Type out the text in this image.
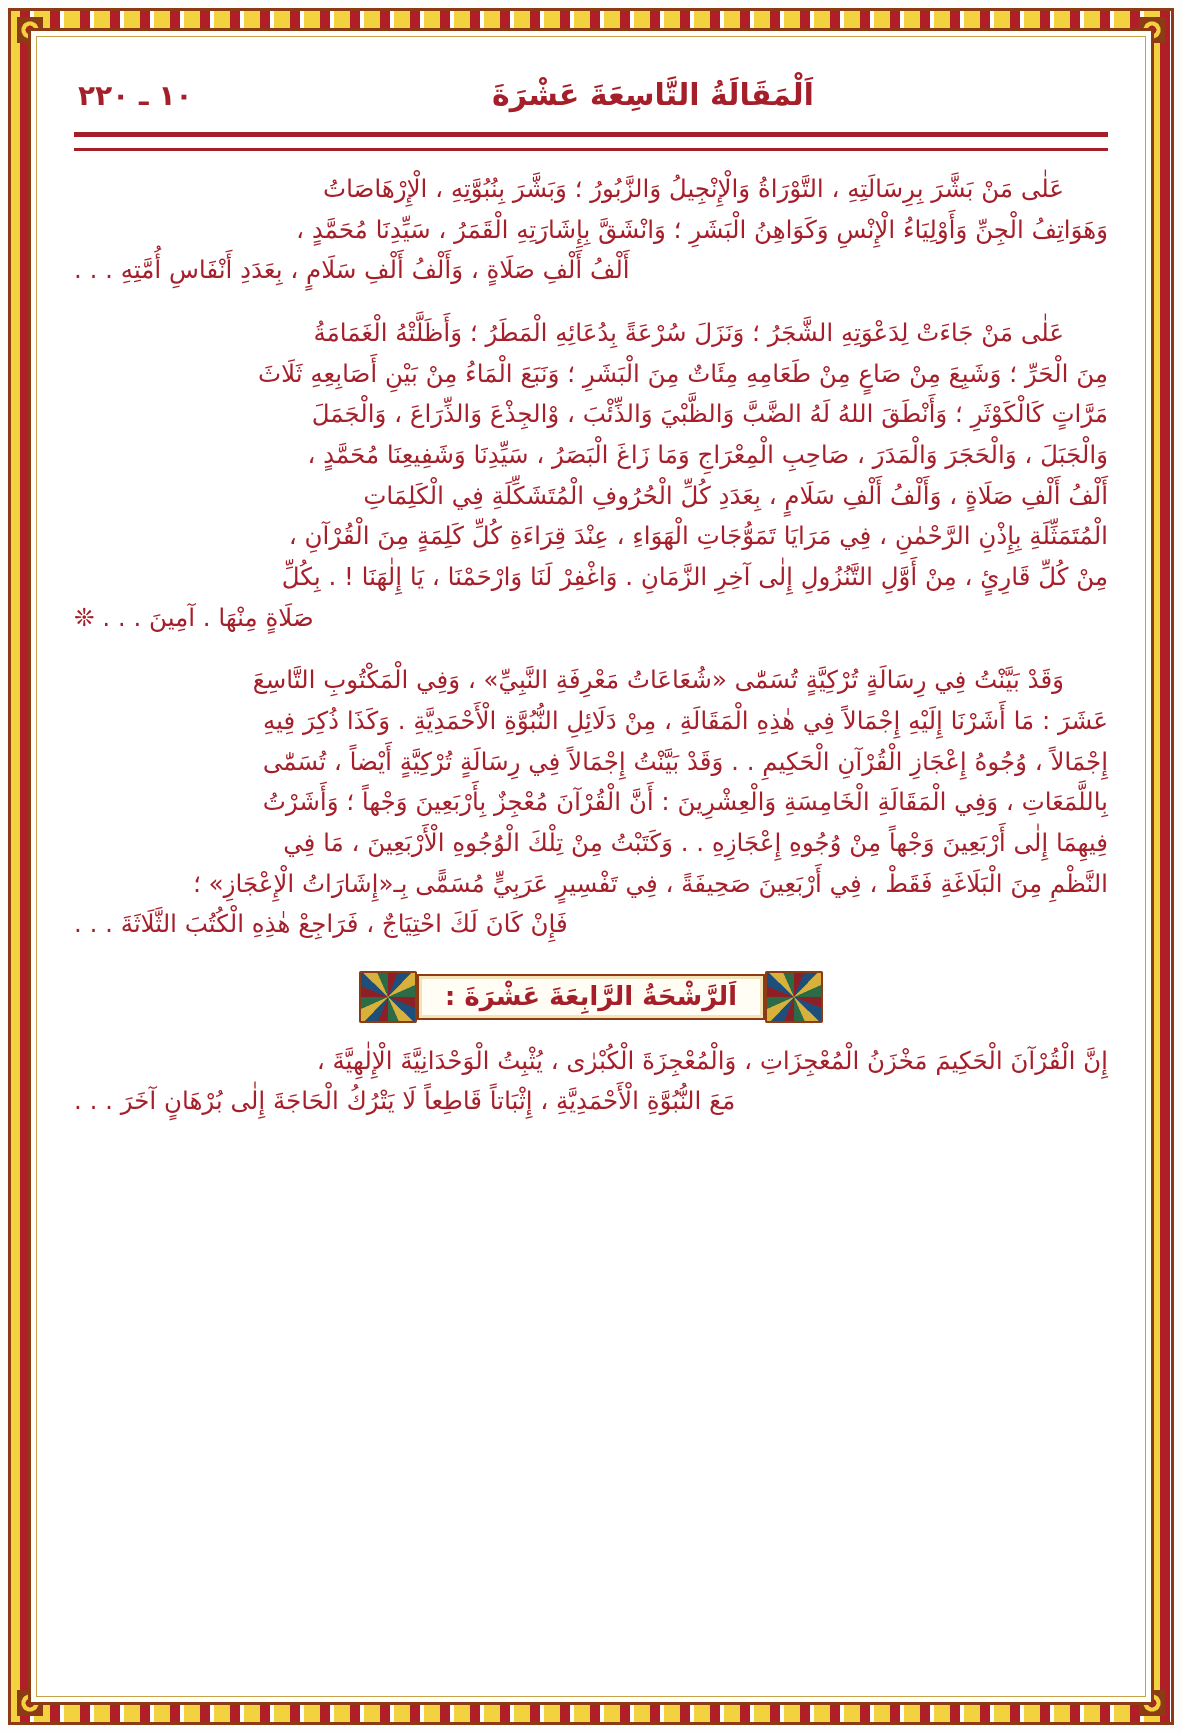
اَلْمَقَالَةُ التَّاسِعَةَ عَشْرَةَ
٢٢٠ ـ ١٠
عَلٰى مَنْ بَشَّرَ بِرِسَالَتِهِ ، التَّوْرَاةُ وَالْإِنْجِيلُ وَالزَّبُورُ ؛ وَبَشَّرَ بِنُبُوَّتِهِ ، الْإِرْهَاصَاتُ
وَهَوَاتِفُ الْجِنِّ وَأَوْلِيَاءُ الْإِنْسِ وَكَوَاهِنُ الْبَشَرِ ؛ وَانْشَقَّ بِإِشَارَتِهِ الْقَمَرُ ، سَيِّدِنَا مُحَمَّدٍ ،
أَلْفُ أَلْفِ صَلَاةٍ ، وَأَلْفُ أَلْفِ سَلَامٍ ، بِعَدَدِ أَنْفَاسِ أُمَّتِهِ . . .
عَلٰى مَنْ جَاءَتْ لِدَعْوَتِهِ الشَّجَرُ ؛ وَنَزَلَ سُرْعَةً بِدُعَائِهِ الْمَطَرُ ؛ وَأَظَلَّتْهُ الْغَمَامَةُ
مِنَ الْحَرِّ ؛ وَشَبِعَ مِنْ صَاعٍ مِنْ طَعَامِهِ مِئَاتٌ مِنَ الْبَشَرِ ؛ وَنَبَعَ الْمَاءُ مِنْ بَيْنِ أَصَابِعِهِ ثَلَاثَ
مَرَّاتٍ كَالْكَوْثَرِ ؛ وَأَنْطَقَ اللهُ لَهُ الضَّبَّ وَالظَّبْيَ وَالذِّئْبَ ، وْالجِذْعَ وَالذِّرَاعَ ، وَالْجَمَلَ
وَالْجَبَلَ ، وَالْحَجَرَ وَالْمَدَرَ ، صَاحِبِ الْمِعْرَاجِ وَمَا زَاغَ الْبَصَرُ ، سَيِّدِنَا وَشَفِيعِنَا مُحَمَّدٍ ،
أَلْفُ أَلْفِ صَلَاةٍ ، وَأَلْفُ أَلْفِ سَلَامٍ ، بِعَدَدِ كُلِّ الْحُرُوفِ الْمُتَشَكِّلَةِ فِي الْكَلِمَاتِ
الْمُتَمَثِّلَةِ بِإِذْنِ الرَّحْمٰنِ ، فِي مَرَايَا تَمَوُّجَاتِ الْهَوَاءِ ، عِنْدَ قِرَاءَةِ كُلِّ كَلِمَةٍ مِنَ الْقُرْآنِ ،
مِنْ كُلِّ قَارِئٍ ، مِنْ أَوَّلِ التَّنُزُولِ إِلٰى آخِرِ الزَّمَانِ . وَاغْفِرْ لَنَا وَارْحَمْنَا ، يَا إِلٰهَنَا ! . بِكُلِّ
صَلَاةٍ مِنْهَا . آمِينَ . . . ❊
وَقَدْ بَيَّنْتُ فِي رِسَالَةٍ تُرْكِيَّةٍ تُسَمّٰى «شُعَاعَاتُ مَعْرِفَةِ النَّبِيِّ» ، وَفِي الْمَكْتُوبِ التَّاسِعَ
عَشَرَ : مَا أَشَرْنَا إِلَيْهِ إِجْمَالاً فِي هٰذِهِ الْمَقَالَةِ ، مِنْ دَلَائِلِ النُّبُوَّةِ الْأَحْمَدِيَّةِ . وَكَذَا ذُكِرَ فِيهِ
إِجْمَالاً ، وُجُوهُ إِعْجَازِ الْقُرْآنِ الْحَكِيمِ . . وَقَدْ بَيَّنْتُ إِجْمَالاً فِي رِسَالَةٍ تُرْكِيَّةٍ أَيْضاً ، تُسَمّٰى
بِاللَّمَعَاتِ ، وَفِي الْمَقَالَةِ الْخَامِسَةِ وَالْعِشْرِينَ : أَنَّ الْقُرْآنَ مُعْجِزٌ بِأَرْبَعِينَ وَجْهاً ؛ وَأَشَرْتُ
فِيهِمَا إِلٰى أَرْبَعِينَ وَجْهاً مِنْ وُجُوهِ إِعْجَازِهِ . . وَكَتَبْتُ مِنْ تِلْكَ الْوُجُوهِ الْأَرْبَعِينَ ، مَا فِي
النَّظْمِ مِنَ الْبَلَاغَةِ فَقَطْ ، فِي أَرْبَعِينَ صَحِيفَةً ، فِي تَفْسِيرٍ عَرَبِيٍّ مُسَمًّى بِـ«إِشَارَاتُ الْإِعْجَازِ» ؛
فَإِنْ كَانَ لَكَ احْتِيَاجٌ ، فَرَاجِعْ هٰذِهِ الْكُتُبَ الثَّلَاثَةَ . . .
اَلرَّشْحَةُ الرَّابِعَةَ عَشْرَةَ :
إِنَّ الْقُرْآنَ الْحَكِيمَ مَخْزَنُ الْمُعْجِزَاتِ ، وَالْمُعْجِزَةَ الْكُبْرٰى ، يُثْبِتُ الْوَحْدَانِيَّةَ الْإِلٰهِيَّةَ ،
مَعَ النُّبُوَّةِ الْأَحْمَدِيَّةِ ، إِثْبَاتاً قَاطِعاً لَا يَتْرُكُ الْحَاجَةَ إِلٰى بُرْهَانٍ آخَرَ . . .
